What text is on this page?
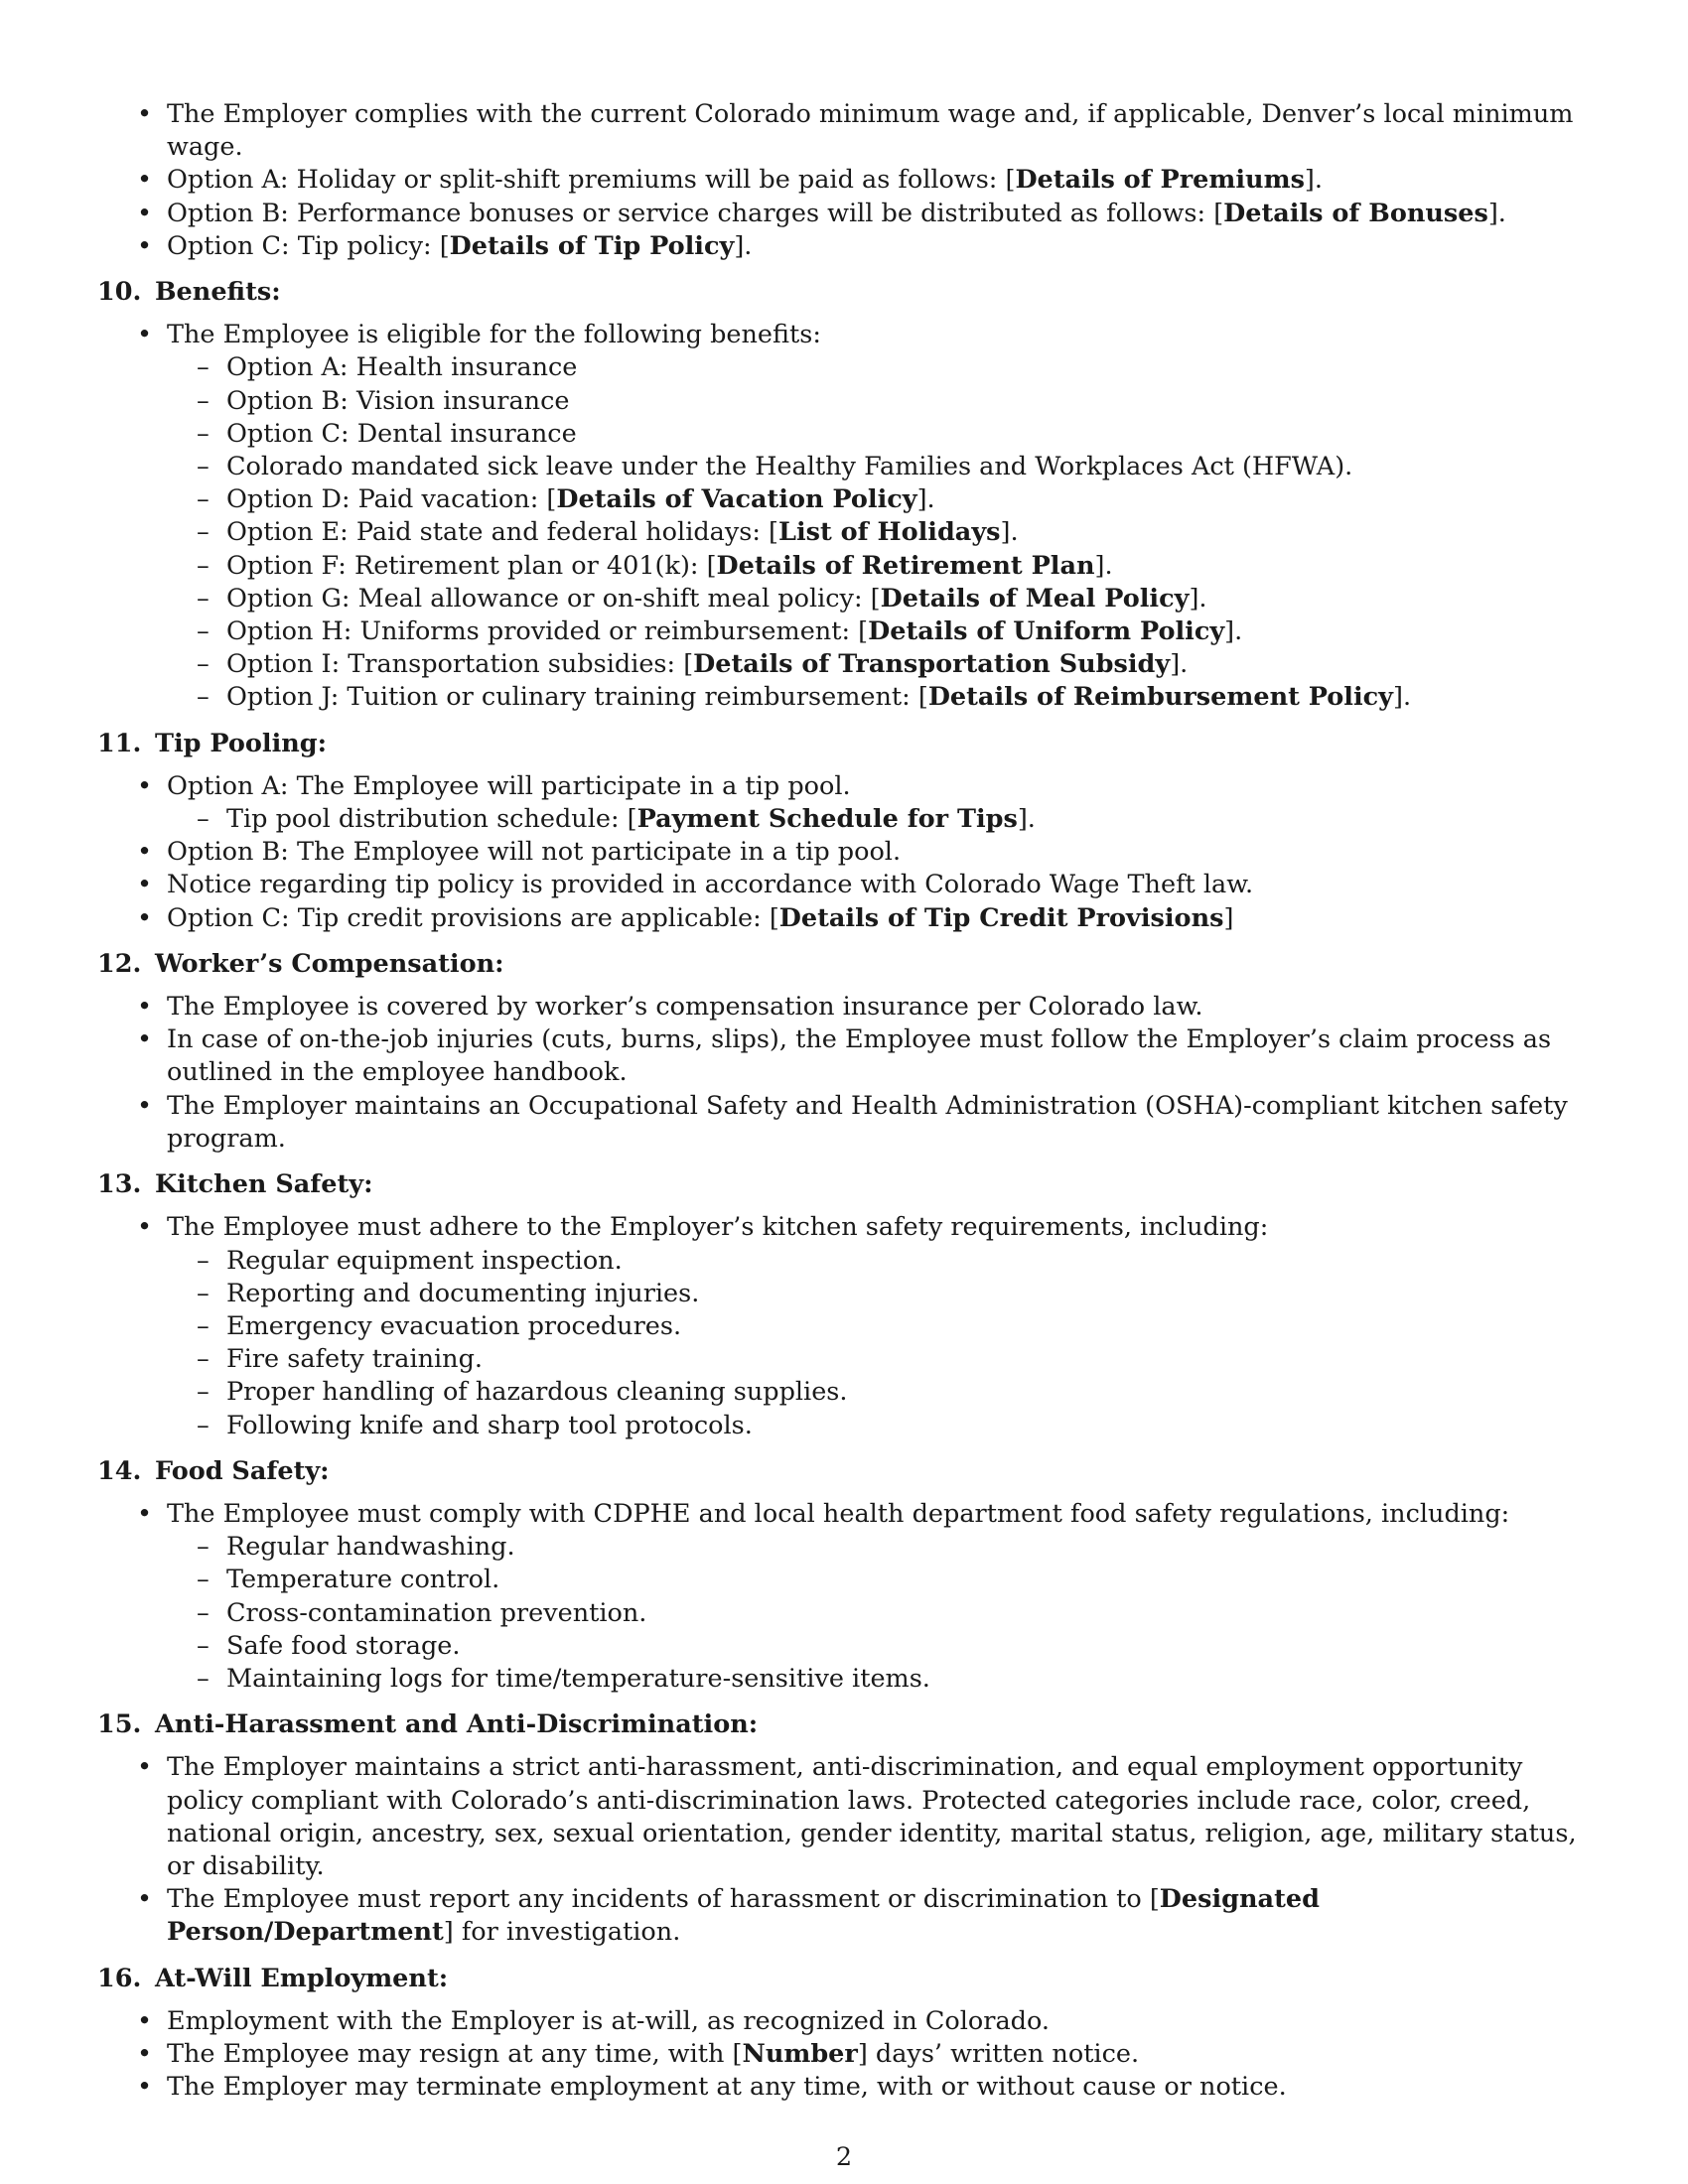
• The Employer complies with the current Colorado minimum wage and, if applicable, Denver’s local minimum wage.
• Option A: Holiday or split-shift premiums will be paid as follows: [Details of Premiums].
• Option B: Performance bonuses or service charges will be distributed as follows: [Details of Bonuses].
• Option C: Tip policy: [Details of Tip Policy].
10. Benefits:
• The Employee is eligible for the following benefits:
– Option A: Health insurance
– Option B: Vision insurance
– Option C: Dental insurance
– Colorado mandated sick leave under the Healthy Families and Workplaces Act (HFWA).
– Option D: Paid vacation: [Details of Vacation Policy].
– Option E: Paid state and federal holidays: [List of Holidays].
– Option F: Retirement plan or 401(k): [Details of Retirement Plan].
– Option G: Meal allowance or on-shift meal policy: [Details of Meal Policy].
– Option H: Uniforms provided or reimbursement: [Details of Uniform Policy].
– Option I: Transportation subsidies: [Details of Transportation Subsidy].
– Option J: Tuition or culinary training reimbursement: [Details of Reimbursement Policy].
11. Tip Pooling:
• Option A: The Employee will participate in a tip pool.
– Tip pool distribution schedule: [Payment Schedule for Tips].
• Option B: The Employee will not participate in a tip pool.
• Notice regarding tip policy is provided in accordance with Colorado Wage Theft law.
• Option C: Tip credit provisions are applicable: [Details of Tip Credit Provisions]
12. Worker’s Compensation:
• The Employee is covered by worker’s compensation insurance per Colorado law.
• In case of on-the-job injuries (cuts, burns, slips), the Employee must follow the Employer’s claim process as outlined in the employee handbook.
• The Employer maintains an Occupational Safety and Health Administration (OSHA)-compliant kitchen safety program.
13. Kitchen Safety:
• The Employee must adhere to the Employer’s kitchen safety requirements, including:
– Regular equipment inspection.
– Reporting and documenting injuries.
– Emergency evacuation procedures.
– Fire safety training.
– Proper handling of hazardous cleaning supplies.
– Following knife and sharp tool protocols.
14. Food Safety:
• The Employee must comply with CDPHE and local health department food safety regulations, including:
– Regular handwashing.
– Temperature control.
– Cross-contamination prevention.
– Safe food storage.
– Maintaining logs for time/temperature-sensitive items.
15. Anti-Harassment and Anti-Discrimination:
• The Employer maintains a strict anti-harassment, anti-discrimination, and equal employment opportunity policy compliant with Colorado’s anti-discrimination laws. Protected categories include race, color, creed, national origin, ancestry, sex, sexual orientation, gender identity, marital status, religion, age, military status, or disability.
• The Employee must report any incidents of harassment or discrimination to [Designated Person/Department] for investigation.
16. At-Will Employment:
• Employment with the Employer is at-will, as recognized in Colorado.
• The Employee may resign at any time, with [Number] days’ written notice.
• The Employer may terminate employment at any time, with or without cause or notice.
2
